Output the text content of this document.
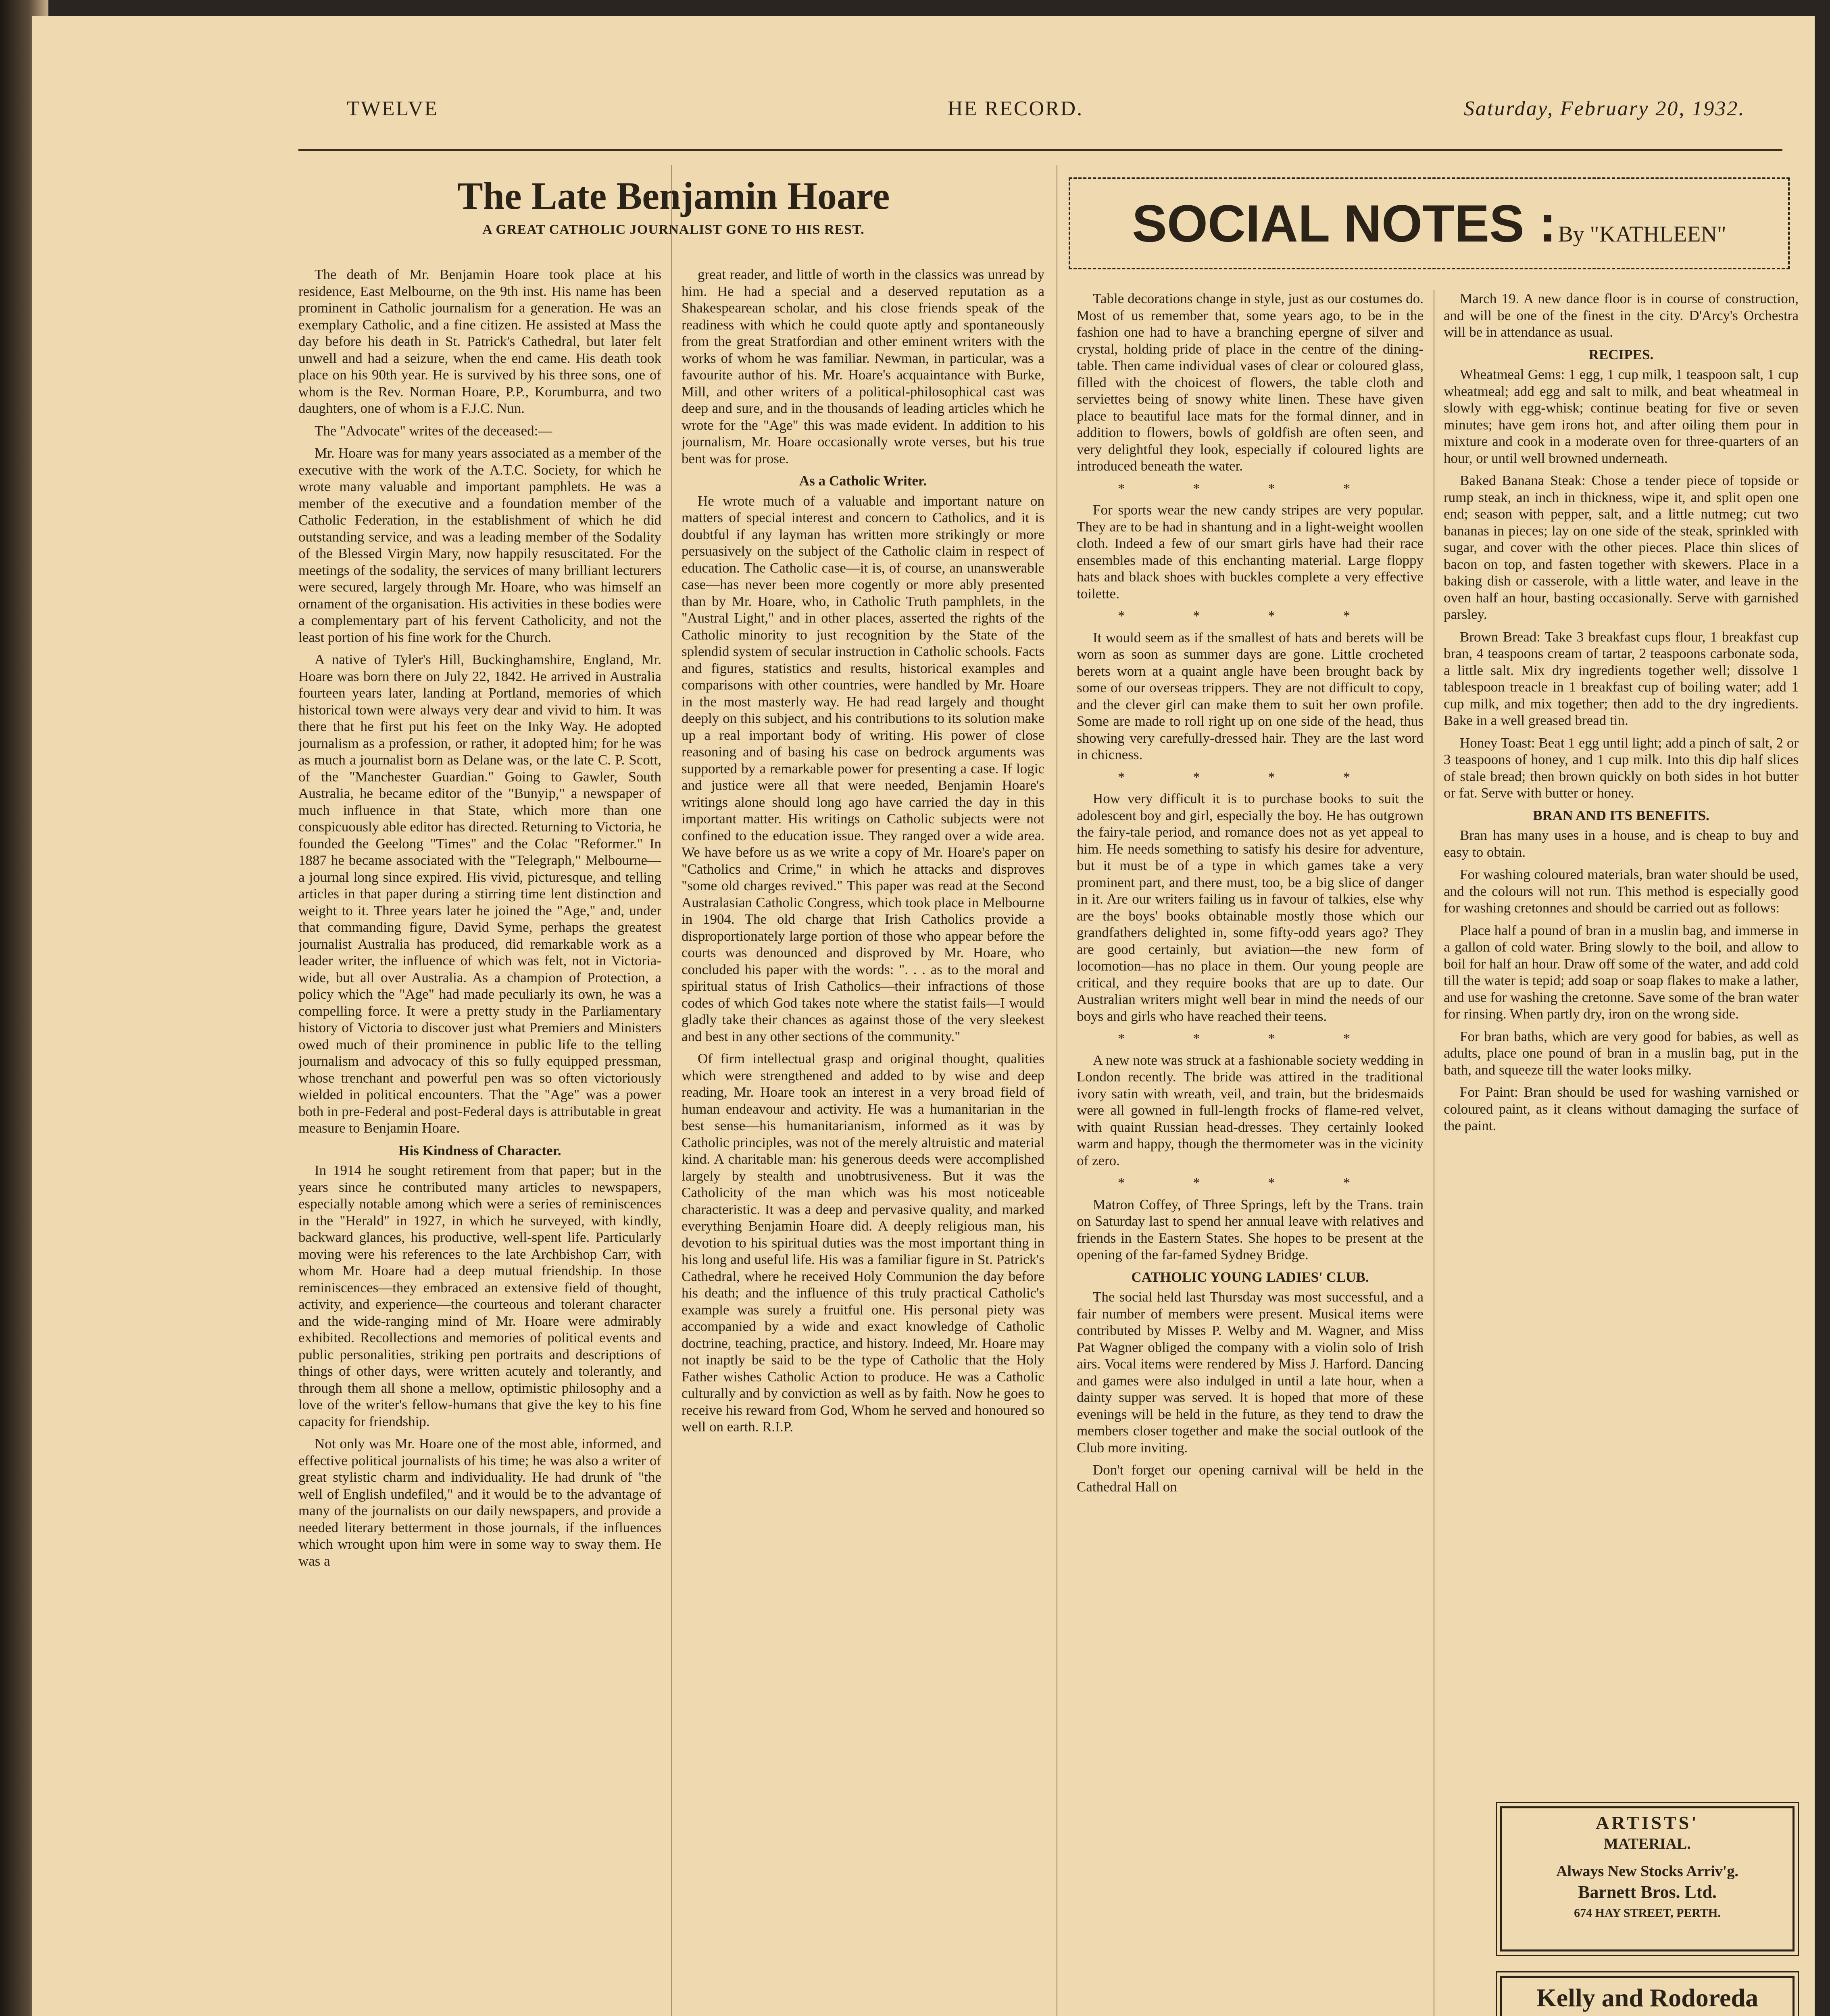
TWELVE	HE RECORD.	Saturday, February 20, 1932.
The Late Benjamin Hoare
A GREAT CATHOLIC JOURNALIST GONE TO HIS REST.

The death of Mr. Benjamin Hoare took place at his residence, East Melbourne, on the 9th inst. His name has been prominent in Catholic journalism for a generation. He was an exemplary Catholic, and a fine citizen. He assisted at Mass the day before his death in St. Patrick's Cathedral, but later felt unwell and had a seizure, when the end came. His death took place on his 90th year. He is survived by his three sons, one of whom is the Rev. Norman Hoare, P.P., Korumburra, and two daughters, one of whom is a F.J.C. Nun.

The "Advocate" writes of the deceased:—

Mr. Hoare was for many years associated as a member of the executive with the work of the A.T.C. Society, for which he wrote many valuable and important pamphlets. He was a member of the executive and a foundation member of the Catholic Federation, in the establishment of which he did outstanding service, and was a leading member of the Sodality of the Blessed Virgin Mary, now happily resuscitated. For the meetings of the sodality, the services of many brilliant lecturers were secured, largely through Mr. Hoare, who was himself an ornament of the organisation. His activities in these bodies were a complementary part of his fervent Catholicity, and not the least portion of his fine work for the Church.

A native of Tyler's Hill, Buckinghamshire, England, Mr. Hoare was born there on July 22, 1842. He arrived in Australia fourteen years later, landing at Portland, memories of which historical town were always very dear and vivid to him. It was there that he first put his feet on the Inky Way. He adopted journalism as a profession, or rather, it adopted him; for he was as much a journalist born as Delane was, or the late C. P. Scott, of the "Manchester Guardian." Going to Gawler, South Australia, he became editor of the "Bunyip," a newspaper of much influence in that State, which more than one conspicuously able editor has directed. Returning to Victoria, he founded the Geelong "Times" and the Colac "Reformer." In 1887 he became associated with the "Telegraph," Melbourne—a journal long since expired. His vivid, picturesque, and telling articles in that paper during a stirring time lent distinction and weight to it. Three years later he joined the "Age," and, under that commanding figure, David Syme, perhaps the greatest journalist Australia has produced, did remarkable work as a leader writer, the influence of which was felt, not in Victoria-wide, but all over Australia. As a champion of Protection, a policy which the "Age" had made peculiarly its own, he was a compelling force. It were a pretty study in the Parliamentary history of Victoria to discover just what Premiers and Ministers owed much of their prominence in public life to the telling journalism and advocacy of this so fully equipped pressman, whose trenchant and powerful pen was so often victoriously wielded in political encounters. That the "Age" was a power both in pre-Federal and post-Federal days is attributable in great measure to Benjamin Hoare.

His Kindness of Character.

In 1914 he sought retirement from that paper; but in the years since he contributed many articles to newspapers, especially notable among which were a series of reminiscences in the "Herald" in 1927, in which he surveyed, with kindly, backward glances, his productive, well-spent life. Particularly moving were his references to the late Archbishop Carr, with whom Mr. Hoare had a deep mutual friendship. In those reminiscences—they embraced an extensive field of thought, activity, and experience—the courteous and tolerant character and the wide-ranging mind of Mr. Hoare were admirably exhibited. Recollections and memories of political events and public personalities, striking pen portraits and descriptions of things of other days, were written acutely and tolerantly, and through them all shone a mellow, optimistic philosophy and a love of the writer's fellow-humans that give the key to his fine capacity for friendship.

Not only was Mr. Hoare one of the most able, informed, and effective political journalists of his time; he was also a writer of great stylistic charm and individuality. He had drunk of "the well of English undefiled," and it would be to the advantage of many of the journalists on our daily newspapers, and provide a needed literary betterment in those journals, if the influences which wrought upon him were in some way to sway them. He was a

great reader, and little of worth in the classics was unread by him. He had a special and a deserved reputation as a Shakespearean scholar, and his close friends speak of the readiness with which he could quote aptly and spontaneously from the great Stratfordian and other eminent writers with the works of whom he was familiar. Newman, in particular, was a favourite author of his. Mr. Hoare's acquaintance with Burke, Mill, and other writers of a political-philosophical cast was deep and sure, and in the thousands of leading articles which he wrote for the "Age" this was made evident. In addition to his journalism, Mr. Hoare occasionally wrote verses, but his true bent was for prose.

As a Catholic Writer.

He wrote much of a valuable and important nature on matters of special interest and concern to Catholics, and it is doubtful if any layman has written more strikingly or more persuasively on the subject of the Catholic claim in respect of education. The Catholic case—it is, of course, an unanswerable case—has never been more cogently or more ably presented than by Mr. Hoare, who, in Catholic Truth pamphlets, in the "Austral Light," and in other places, asserted the rights of the Catholic minority to just recognition by the State of the splendid system of secular instruction in Catholic schools. Facts and figures, statistics and results, historical examples and comparisons with other countries, were handled by Mr. Hoare in the most masterly way. He had read largely and thought deeply on this subject, and his contributions to its solution make up a real important body of writing. His power of close reasoning and of basing his case on bedrock arguments was supported by a remarkable power for presenting a case. If logic and justice were all that were needed, Benjamin Hoare's writings alone should long ago have carried the day in this important matter. His writings on Catholic subjects were not confined to the education issue. They ranged over a wide area. We have before us as we write a copy of Mr. Hoare's paper on "Catholics and Crime," in which he attacks and disproves "some old charges revived." This paper was read at the Second Australasian Catholic Congress, which took place in Melbourne in 1904. The old charge that Irish Catholics provide a disproportionately large portion of those who appear before the courts was denounced and disproved by Mr. Hoare, who concluded his paper with the words: ". . . as to the moral and spiritual status of Irish Catholics—their infractions of those codes of which God takes note where the statist fails—I would gladly take their chances as against those of the very sleekest and best in any other sections of the community."

Of firm intellectual grasp and original thought, qualities which were strengthened and added to by wise and deep reading, Mr. Hoare took an interest in a very broad field of human endeavour and activity. He was a humanitarian in the best sense—his humanitarianism, informed as it was by Catholic principles, was not of the merely altruistic and material kind. A charitable man: his generous deeds were accomplished largely by stealth and unobtrusiveness. But it was the Catholicity of the man which was his most noticeable characteristic. It was a deep and pervasive quality, and marked everything Benjamin Hoare did. A deeply religious man, his devotion to his spiritual duties was the most important thing in his long and useful life. His was a familiar figure in St. Patrick's Cathedral, where he received Holy Communion the day before his death; and the influence of this truly practical Catholic's example was surely a fruitful one. His personal piety was accompanied by a wide and exact knowledge of Catholic doctrine, teaching, practice, and history. Indeed, Mr. Hoare may not inaptly be said to be the type of Catholic that the Holy Father wishes Catholic Action to produce. He was a Catholic culturally and by conviction as well as by faith. Now he goes to receive his reward from God, Whom he served and honoured so well on earth. R.I.P.

SOCIAL NOTES : By "KATHLEEN"

Table decorations change in style, just as our costumes do. Most of us remember that, some years ago, to be in the fashion one had to have a branching epergne of silver and crystal, holding pride of place in the centre of the dining-table. Then came individual vases of clear or coloured glass, filled with the choicest of flowers, the table cloth and serviettes being of snowy white linen. These have given place to beautiful lace mats for the formal dinner, and in addition to flowers, bowls of goldfish are often seen, and very delightful they look, especially if coloured lights are introduced beneath the water.

* * * *

For sports wear the new candy stripes are very popular. They are to be had in shantung and in a light-weight woollen cloth. Indeed a few of our smart girls have had their race ensembles made of this enchanting material. Large floppy hats and black shoes with buckles complete a very effective toilette.

* * * *

It would seem as if the smallest of hats and berets will be worn as soon as summer days are gone. Little crocheted berets worn at a quaint angle have been brought back by some of our overseas trippers. They are not difficult to copy, and the clever girl can make them to suit her own profile. Some are made to roll right up on one side of the head, thus showing very carefully-dressed hair. They are the last word in chicness.

* * * *

How very difficult it is to purchase books to suit the adolescent boy and girl, especially the boy. He has outgrown the fairy-tale period, and romance does not as yet appeal to him. He needs something to satisfy his desire for adventure, but it must be of a type in which games take a very prominent part, and there must, too, be a big slice of danger in it. Are our writers failing us in favour of talkies, else why are the boys' books obtainable mostly those which our grandfathers delighted in, some fifty-odd years ago? They are good certainly, but aviation—the new form of locomotion—has no place in them. Our young people are critical, and they require books that are up to date. Our Australian writers might well bear in mind the needs of our boys and girls who have reached their teens.

* * * *

A new note was struck at a fashionable society wedding in London recently. The bride was attired in the traditional ivory satin with wreath, veil, and train, but the bridesmaids were all gowned in full-length frocks of flame-red velvet, with quaint Russian head-dresses. They certainly looked warm and happy, though the thermometer was in the vicinity of zero.

* * * *

Matron Coffey, of Three Springs, left by the Trans. train on Saturday last to spend her annual leave with relatives and friends in the Eastern States. She hopes to be present at the opening of the far-famed Sydney Bridge.

CATHOLIC YOUNG LADIES' CLUB.

The social held last Thursday was most successful, and a fair number of members were present. Musical items were contributed by Misses P. Welby and M. Wagner, and Miss Pat Wagner obliged the company with a violin solo of Irish airs. Vocal items were rendered by Miss J. Harford. Dancing and games were also indulged in until a late hour, when a dainty supper was served. It is hoped that more of these evenings will be held in the future, as they tend to draw the members closer together and make the social outlook of the Club more inviting.

Don't forget our opening carnival will be held in the Cathedral Hall on

March 19. A new dance floor is in course of construction, and will be one of the finest in the city. D'Arcy's Orchestra will be in attendance as usual.

RECIPES.

Wheatmeal Gems: 1 egg, 1 cup milk, 1 teaspoon salt, 1 cup wheatmeal; add egg and salt to milk, and beat wheatmeal in slowly with egg-whisk; continue beating for five or seven minutes; have gem irons hot, and after oiling them pour in mixture and cook in a moderate oven for three-quarters of an hour, or until well browned underneath.

Baked Banana Steak: Chose a tender piece of topside or rump steak, an inch in thickness, wipe it, and split open one end; season with pepper, salt, and a little nutmeg; cut two bananas in pieces; lay on one side of the steak, sprinkled with sugar, and cover with the other pieces. Place thin slices of bacon on top, and fasten together with skewers. Place in a baking dish or casserole, with a little water, and leave in the oven half an hour, basting occasionally. Serve with garnished parsley.

Brown Bread: Take 3 breakfast cups flour, 1 breakfast cup bran, 4 teaspoons cream of tartar, 2 teaspoons carbonate soda, a little salt. Mix dry ingredients together well; dissolve 1 tablespoon treacle in 1 breakfast cup of boiling water; add 1 cup milk, and mix together; then add to the dry ingredients. Bake in a well greased bread tin.

Honey Toast: Beat 1 egg until light; add a pinch of salt, 2 or 3 teaspoons of honey, and 1 cup milk. Into this dip half slices of stale bread; then brown quickly on both sides in hot butter or fat. Serve with butter or honey.

BRAN AND ITS BENEFITS.

Bran has many uses in a house, and is cheap to buy and easy to obtain.

For washing coloured materials, bran water should be used, and the colours will not run. This method is especially good for washing cretonnes and should be carried out as follows:

Place half a pound of bran in a muslin bag, and immerse in a gallon of cold water. Bring slowly to the boil, and allow to boil for half an hour. Draw off some of the water, and add cold till the water is tepid; add soap or soap flakes to make a lather, and use for washing the cretonne. Save some of the bran water for rinsing. When partly dry, iron on the wrong side.

For bran baths, which are very good for babies, as well as adults, place one pound of bran in a muslin bag, put in the bath, and squeeze till the water looks milky.

For Paint: Bran should be used for washing varnished or coloured paint, as it cleans without damaging the surface of the paint.

ARTISTS'
MATERIAL.
Always New Stocks Arriv'g.
Barnett Bros. Ltd.
674 HAY STREET, PERTH.
Kelly and Rodoreda
